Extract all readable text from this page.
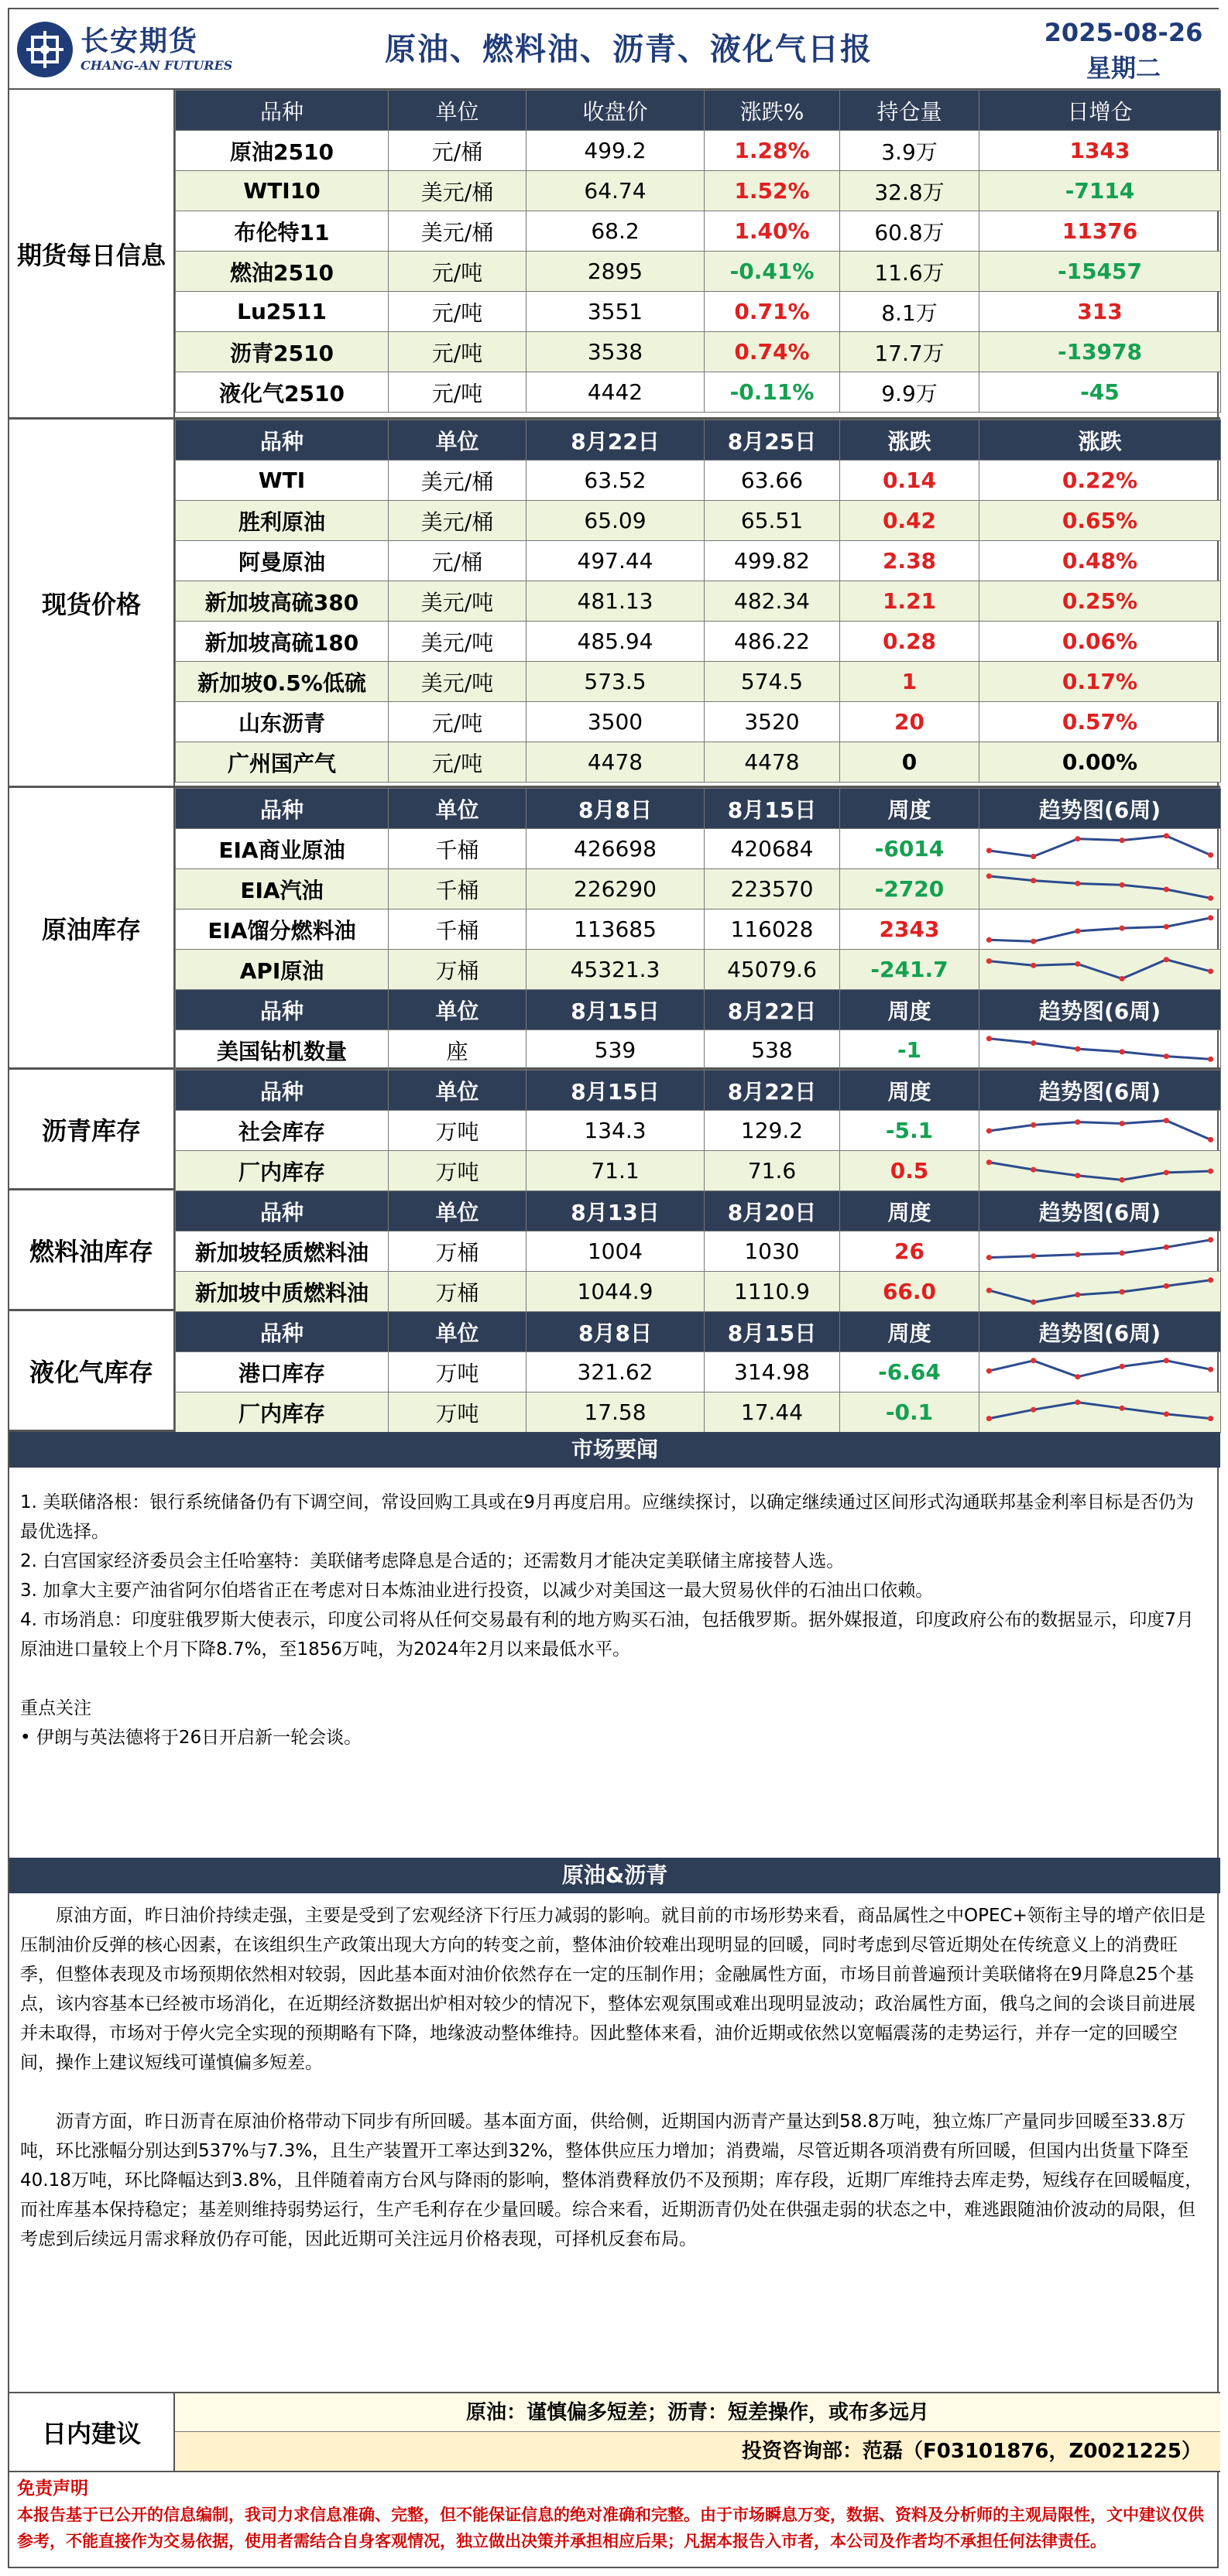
长安期货
CHANG-AN FUTURES	原油、燃料油、沥青、液化气日报	2025-08-26
星期二
期货每日信息
品种	单位	收盘价	涨跌%	持仓量	日增仓
原油2510	元/桶	499.2	1.28%	3.9万	1343
WTI10	美元/桶	64.74	1.52%	32.8万	-7114
布伦特11	美元/桶	68.2	1.40%	60.8万	11376
燃油2510	元/吨	2895	-0.41%	11.6万	-15457
Lu2511	元/吨	3551	0.71%	8.1万	313
沥青2510	元/吨	3538	0.74%	17.7万	-13978
液化气2510	元/吨	4442	-0.11%	9.9万	-45
现货价格
品种	单位	8月22日	8月25日	涨跌	涨跌
WTI	美元/桶	63.52	63.66	0.14	0.22%
胜利原油	美元/桶	65.09	65.51	0.42	0.65%
阿曼原油	元/桶	497.44	499.82	2.38	0.48%
新加坡高硫380	美元/吨	481.13	482.34	1.21	0.25%
新加坡高硫180	美元/吨	485.94	486.22	0.28	0.06%
新加坡0.5%低硫	美元/吨	573.5	574.5	1	0.17%
山东沥青	元/吨	3500	3520	20	0.57%
广州国产气	元/吨	4478	4478	0	0.00%
原油库存
品种	单位	8月8日	8月15日	周度	趋势图(6周)
EIA商业原油	千桶	426698	420684	-6014	

EIA汽油	千桶	226290	223570	-2720	

EIA馏分燃料油	千桶	113685	116028	2343	

API原油	万桶	45321.3	45079.6	-241.7	

品种	单位	8月15日	8月22日	周度	趋势图(6周)
美国钻机数量	座	539	538	-1	
沥青库存
品种	单位	8月15日	8月22日	周度	趋势图(6周)
社会库存	万吨	134.3	129.2	-5.1	

厂内库存	万吨	71.1	71.6	0.5	
燃料油库存
品种	单位	8月13日	8月20日	周度	趋势图(6周)
新加坡轻质燃料油	万桶	1004	1030	26	

新加坡中质燃料油	万桶	1044.9	1110.9	66.0	
液化气库存
品种	单位	8月8日	8月15日	周度	趋势图(6周)
港口库存	万吨	321.62	314.98	-6.64	

厂内库存	万吨	17.58	17.44	-0.1	
市场要闻

1. 美联储洛根：银行系统储备仍有下调空间，常设回购工具或在9月再度启用。应继续探讨，以确定继续通过区间形式沟通联邦基金利率目标是否仍为最优选择。

2. 白宫国家经济委员会主任哈塞特：美联储考虑降息是合适的；还需数月才能决定美联储主席接替人选。

3. 加拿大主要产油省阿尔伯塔省正在考虑对日本炼油业进行投资，以减少对美国这一最大贸易伙伴的石油出口依赖。

4. 市场消息：印度驻俄罗斯大使表示，印度公司将从任何交易最有利的地方购买石油，包括俄罗斯。据外媒报道，印度政府公布的数据显示，印度7月原油进口量较上个月下降8.7%，至1856万吨，为2024年2月以来最低水平。

重点关注

• 伊朗与英法德将于26日开启新一轮会谈。

原油&沥青

原油方面，昨日油价持续走强，主要是受到了宏观经济下行压力减弱的影响。就目前的市场形势来看，商品属性之中OPEC+领衔主导的增产依旧是压制油价反弹的核心因素，在该组织生产政策出现大方向的转变之前，整体油价较难出现明显的回暖，同时考虑到尽管近期处在传统意义上的消费旺季，但整体表现及市场预期依然相对较弱，因此基本面对油价依然存在一定的压制作用；金融属性方面，市场目前普遍预计美联储将在9月降息25个基点，该内容基本已经被市场消化，在近期经济数据出炉相对较少的情况下，整体宏观氛围或难出现明显波动；政治属性方面，俄乌之间的会谈目前进展并未取得，市场对于停火完全实现的预期略有下降，地缘波动整体维持。因此整体来看，油价近期或依然以宽幅震荡的走势运行，并存一定的回暖空间，操作上建议短线可谨慎偏多短差。

沥青方面，昨日沥青在原油价格带动下同步有所回暖。基本面方面，供给侧，近期国内沥青产量达到58.8万吨，独立炼厂产量同步回暖至33.8万吨，环比涨幅分别达到537%与7.3%，且生产装置开工率达到32%，整体供应压力增加；消费端，尽管近期各项消费有所回暖，但国内出货量下降至40.18万吨，环比降幅达到3.8%，且伴随着南方台风与降雨的影响，整体消费释放仍不及预期；库存段，近期厂库维持去库走势，短线存在回暖幅度，而社库基本保持稳定；基差则维持弱势运行，生产毛利存在少量回暖。综合来看，近期沥青仍处在供强走弱的状态之中，难逃跟随油价波动的局限，但考虑到后续远月需求释放仍存可能，因此近期可关注远月价格表现，可择机反套布局。

日内建议
原油：谨慎偏多短差；沥青：短差操作，或布多远月
投资咨询部：范磊（F03101876，Z0021225）
免责声明
本报告基于已公开的信息编制，我司力求信息准确、完整，但不能保证信息的绝对准确和完整。由于市场瞬息万变，数据、资料及分析师的主观局限性，文中建议仅供参考，不能直接作为交易依据，使用者需结合自身客观情况，独立做出决策并承担相应后果；凡据本报告入市者，本公司及作者均不承担任何法律责任。
